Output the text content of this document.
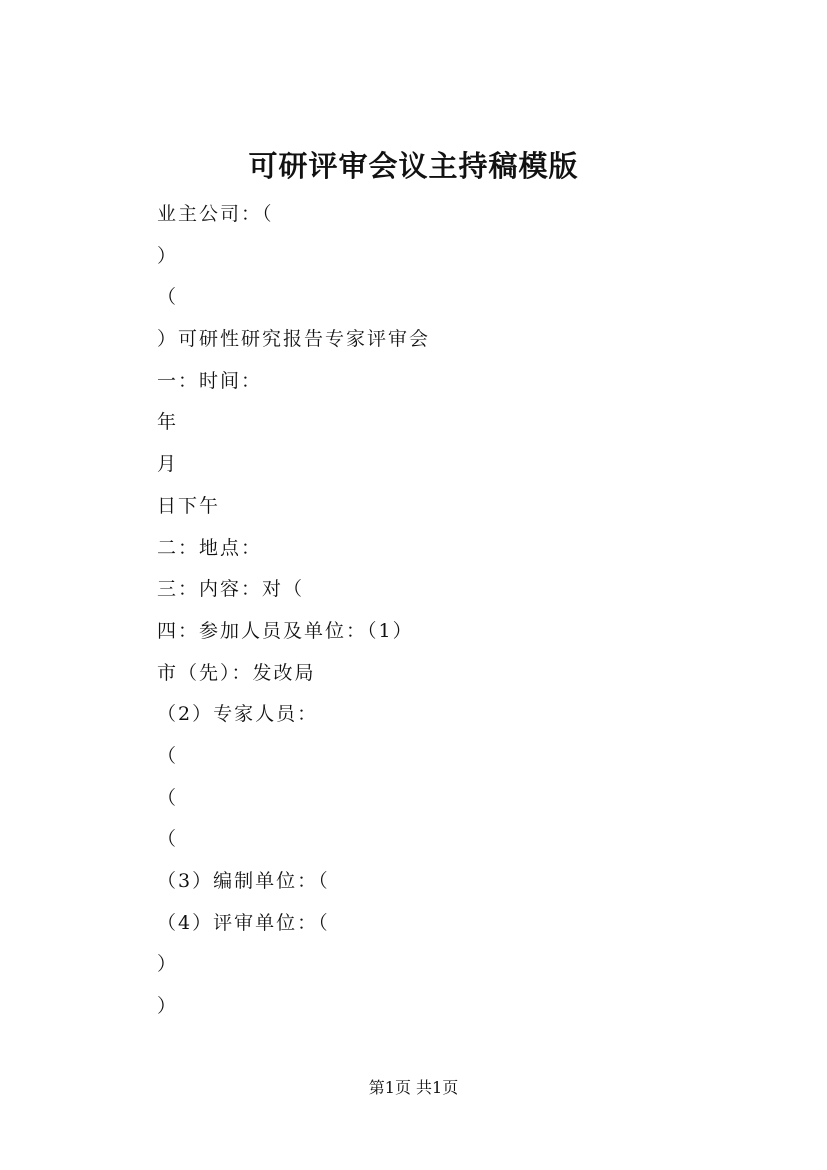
可研评审会议主持稿模版
业主公司：（
）
（
）可研性研究报告专家评审会
一：时间：
年
月
日下午
二：地点：
三：内容：对（
四：参加人员及单位：（1）
市（先）：发改局
（2）专家人员：
（
（
（
（3）编制单位：（
（4）评审单位：（
）
）
第1页 共1页
